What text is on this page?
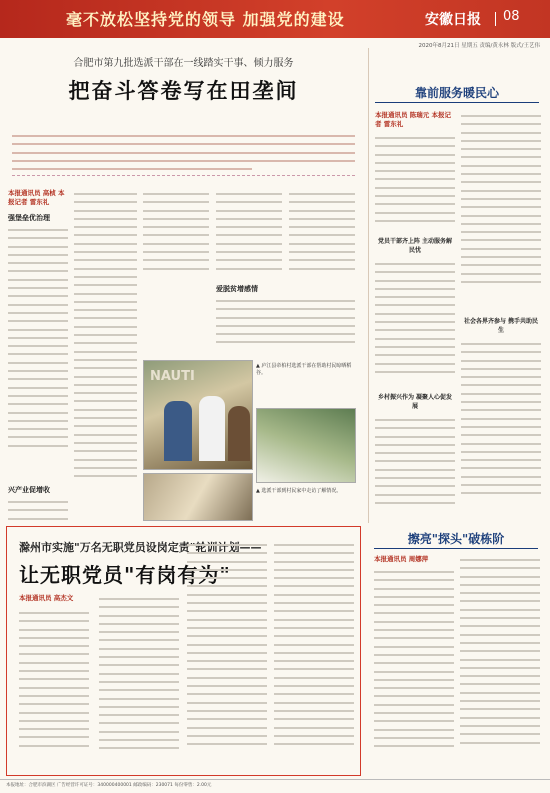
毫不放松坚持党的领导 加强党的建设	安徽日报 08
2020年8月21日 星期五 责编/黄永林 版式/王艺伟
合肥市第九批选派干部在一线踏实干事、倾力服务
把奋斗答卷写在田垄间
本报通讯员 高桢 本报记者 雷东礼
强堡垒优治理
兴产业促增收
爱脱贫增感情
NAUTI
▲ 庐江县帝柏村选派干部在帮助村民晾晒稻谷。
▲ 选派干部到村民家中走访了解情况。
靠前服务暖民心
本报通讯员 陈瑞元 本报记者 雷东礼
党员干部齐上阵 主动服务解民忧
乡村振兴作为 凝聚人心促发展
社会各界齐参与 携手共助民生
滁州市实施"万名无职党员设岗定责"轮训计划——
让无职党员"有岗有为"
本报通讯员 高杰文
擦亮"探头"破栋阶
本报通讯员 周娜萍
本报地址：合肥市滨湖区 广告经营许可证号：340000400001 邮政编码：230071 每份零售：2.00元
